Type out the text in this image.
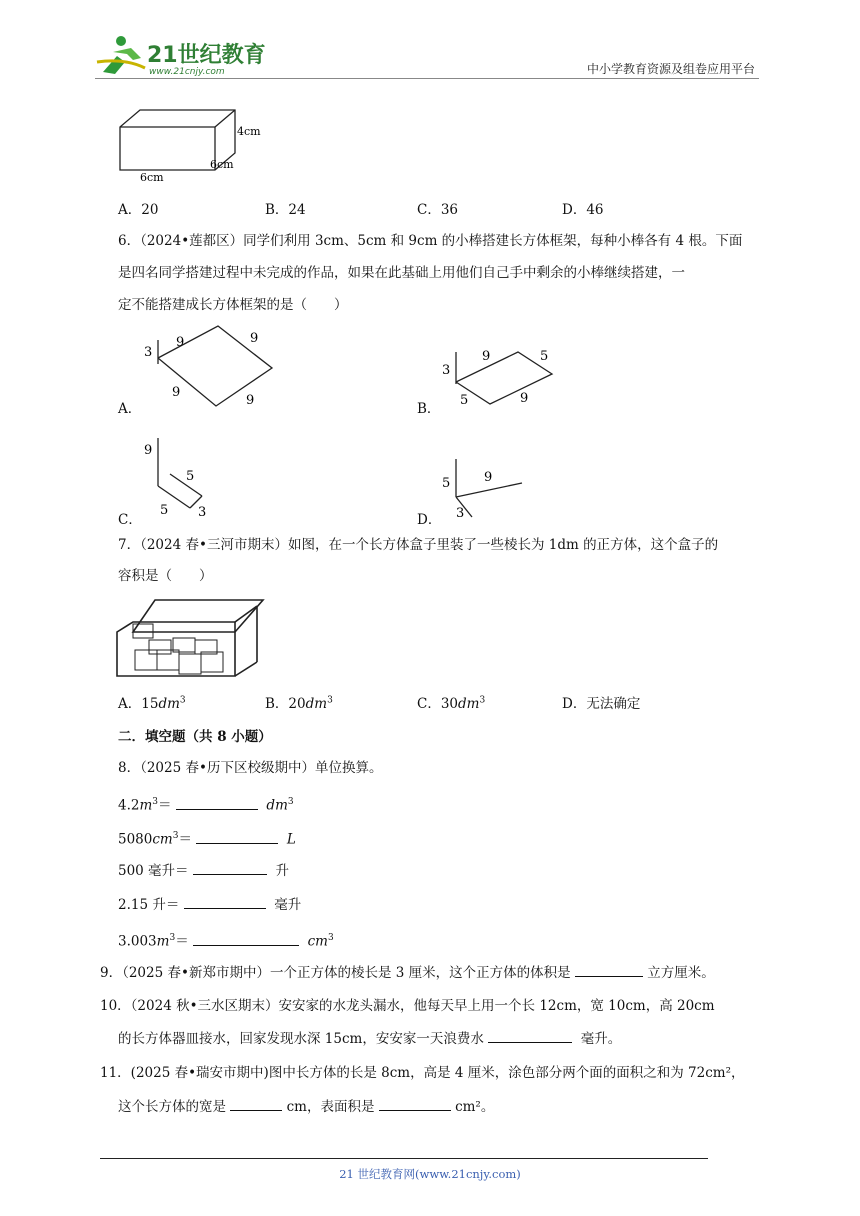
21世纪教育
www.21cnjy.com	中小学教育资源及组卷应用平台
4cm
6cm
6cm
A．20	B．24	C．36	D．46
6．（2024•莲都区）同学们利用 3cm、5cm 和 9cm 的小棒搭建长方体框架，每种小棒各有 4 根。下面
是四名同学搭建过程中未完成的作品，如果在此基础上用他们自己手中剩余的小棒继续搭建，一
定不能搭建成长方体框架的是（　　）
A．
3
9	9
9
9
B．
3
9	5
5	9
C．
9
5
5 3	D．
5	9
3
7．（2024 春•三河市期末）如图，在一个长方体盒子里装了一些棱长为 1dm 的正方体，这个盒子的
容积是（　　）
A．$15dm^3$	B．$20dm^3$	C．$30dm^3$	D．无法确定
二．填空题（共 8 小题）
8．（2025 春•历下区校级期中）单位换算。
$4.2m^3=$	$dm^3$
$5080cm^3=$	L
500 毫升＝	升
2.15 升＝	毫升
$3.003m^3=$	$cm^3$
9．（2025 春•新郑市期中）一个正方体的棱长是 3 厘米，这个正方体的体积是	立方厘米。
10．（2024 秋•三水区期末）安安家的水龙头漏水，他每天早上用一个长 12cm，宽 10cm，高 20cm
的长方体器皿接水，回家发现水深 15cm，安安家一天浪费水	毫升。
11．(2025 春•瑞安市期中)图中长方体的长是 8cm，高是 4 厘米，涂色部分两个面的面积之和为 72cm²，
这个长方体的宽是	cm，表面积是	cm²。
21 世纪教育网(www.21cnjy.com)
